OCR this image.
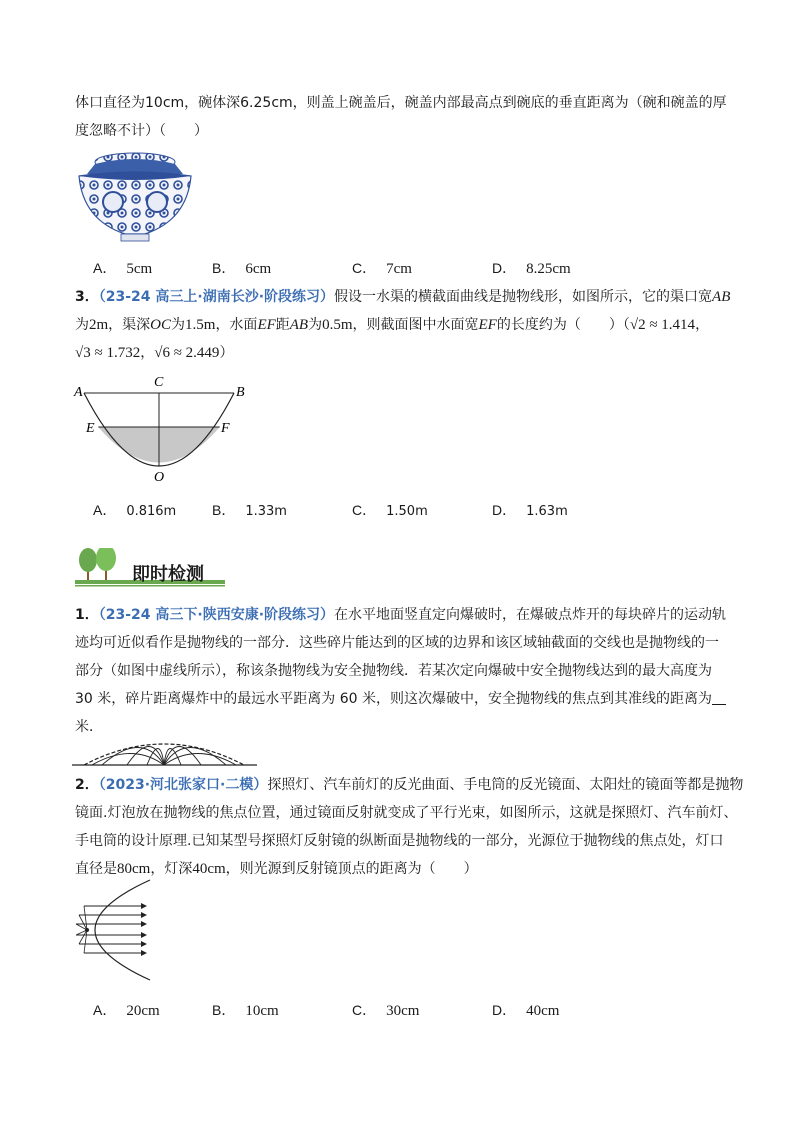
体口直径为10cm，碗体深6.25cm，则盖上碗盖后，碗盖内部最高点到碗底的垂直距离为（碗和碗盖的厚
度忽略不计）（　　）
A． 5cm	B． 6cm	C． 7cm	D． 8.25cm
3．（23-24 高三上·湖南长沙·阶段练习）假设一水渠的横截面曲线是抛物线形，如图所示，它的渠口宽AB
为2m，渠深OC为1.5m，水面EF距AB为0.5m，则截面图中水面宽EF的长度约为（　　）（√2 ≈ 1.414，
√3 ≈ 1.732，√6 ≈ 2.449）
A	B
C
E	F
O
A． 0.816m	B． 1.33m	C． 1.50m	D． 1.63m
即时检测
1．（23-24 高三下·陕西安康·阶段练习）在水平地面竖直定向爆破时，在爆破点炸开的每块碎片的运动轨
迹均可近似看作是抛物线的一部分．这些碎片能达到的区域的边界和该区域轴截面的交线也是抛物线的一
部分（如图中虚线所示），称该条抛物线为安全抛物线．若某次定向爆破中安全抛物线达到的最大高度为
30 米，碎片距离爆炸中的最远水平距离为 60 米，则这次爆破中，安全抛物线的焦点到其准线的距离为
米．
2．（2023·河北张家口·二模）探照灯、汽车前灯的反光曲面、手电筒的反光镜面、太阳灶的镜面等都是抛物
镜面.灯泡放在抛物线的焦点位置，通过镜面反射就变成了平行光束，如图所示，这就是探照灯、汽车前灯、
手电筒的设计原理.已知某型号探照灯反射镜的纵断面是抛物线的一部分，光源位于抛物线的焦点处，灯口
直径是80cm，灯深40cm，则光源到反射镜顶点的距离为（　　）
A． 20cm	B． 10cm	C． 30cm	D． 40cm
